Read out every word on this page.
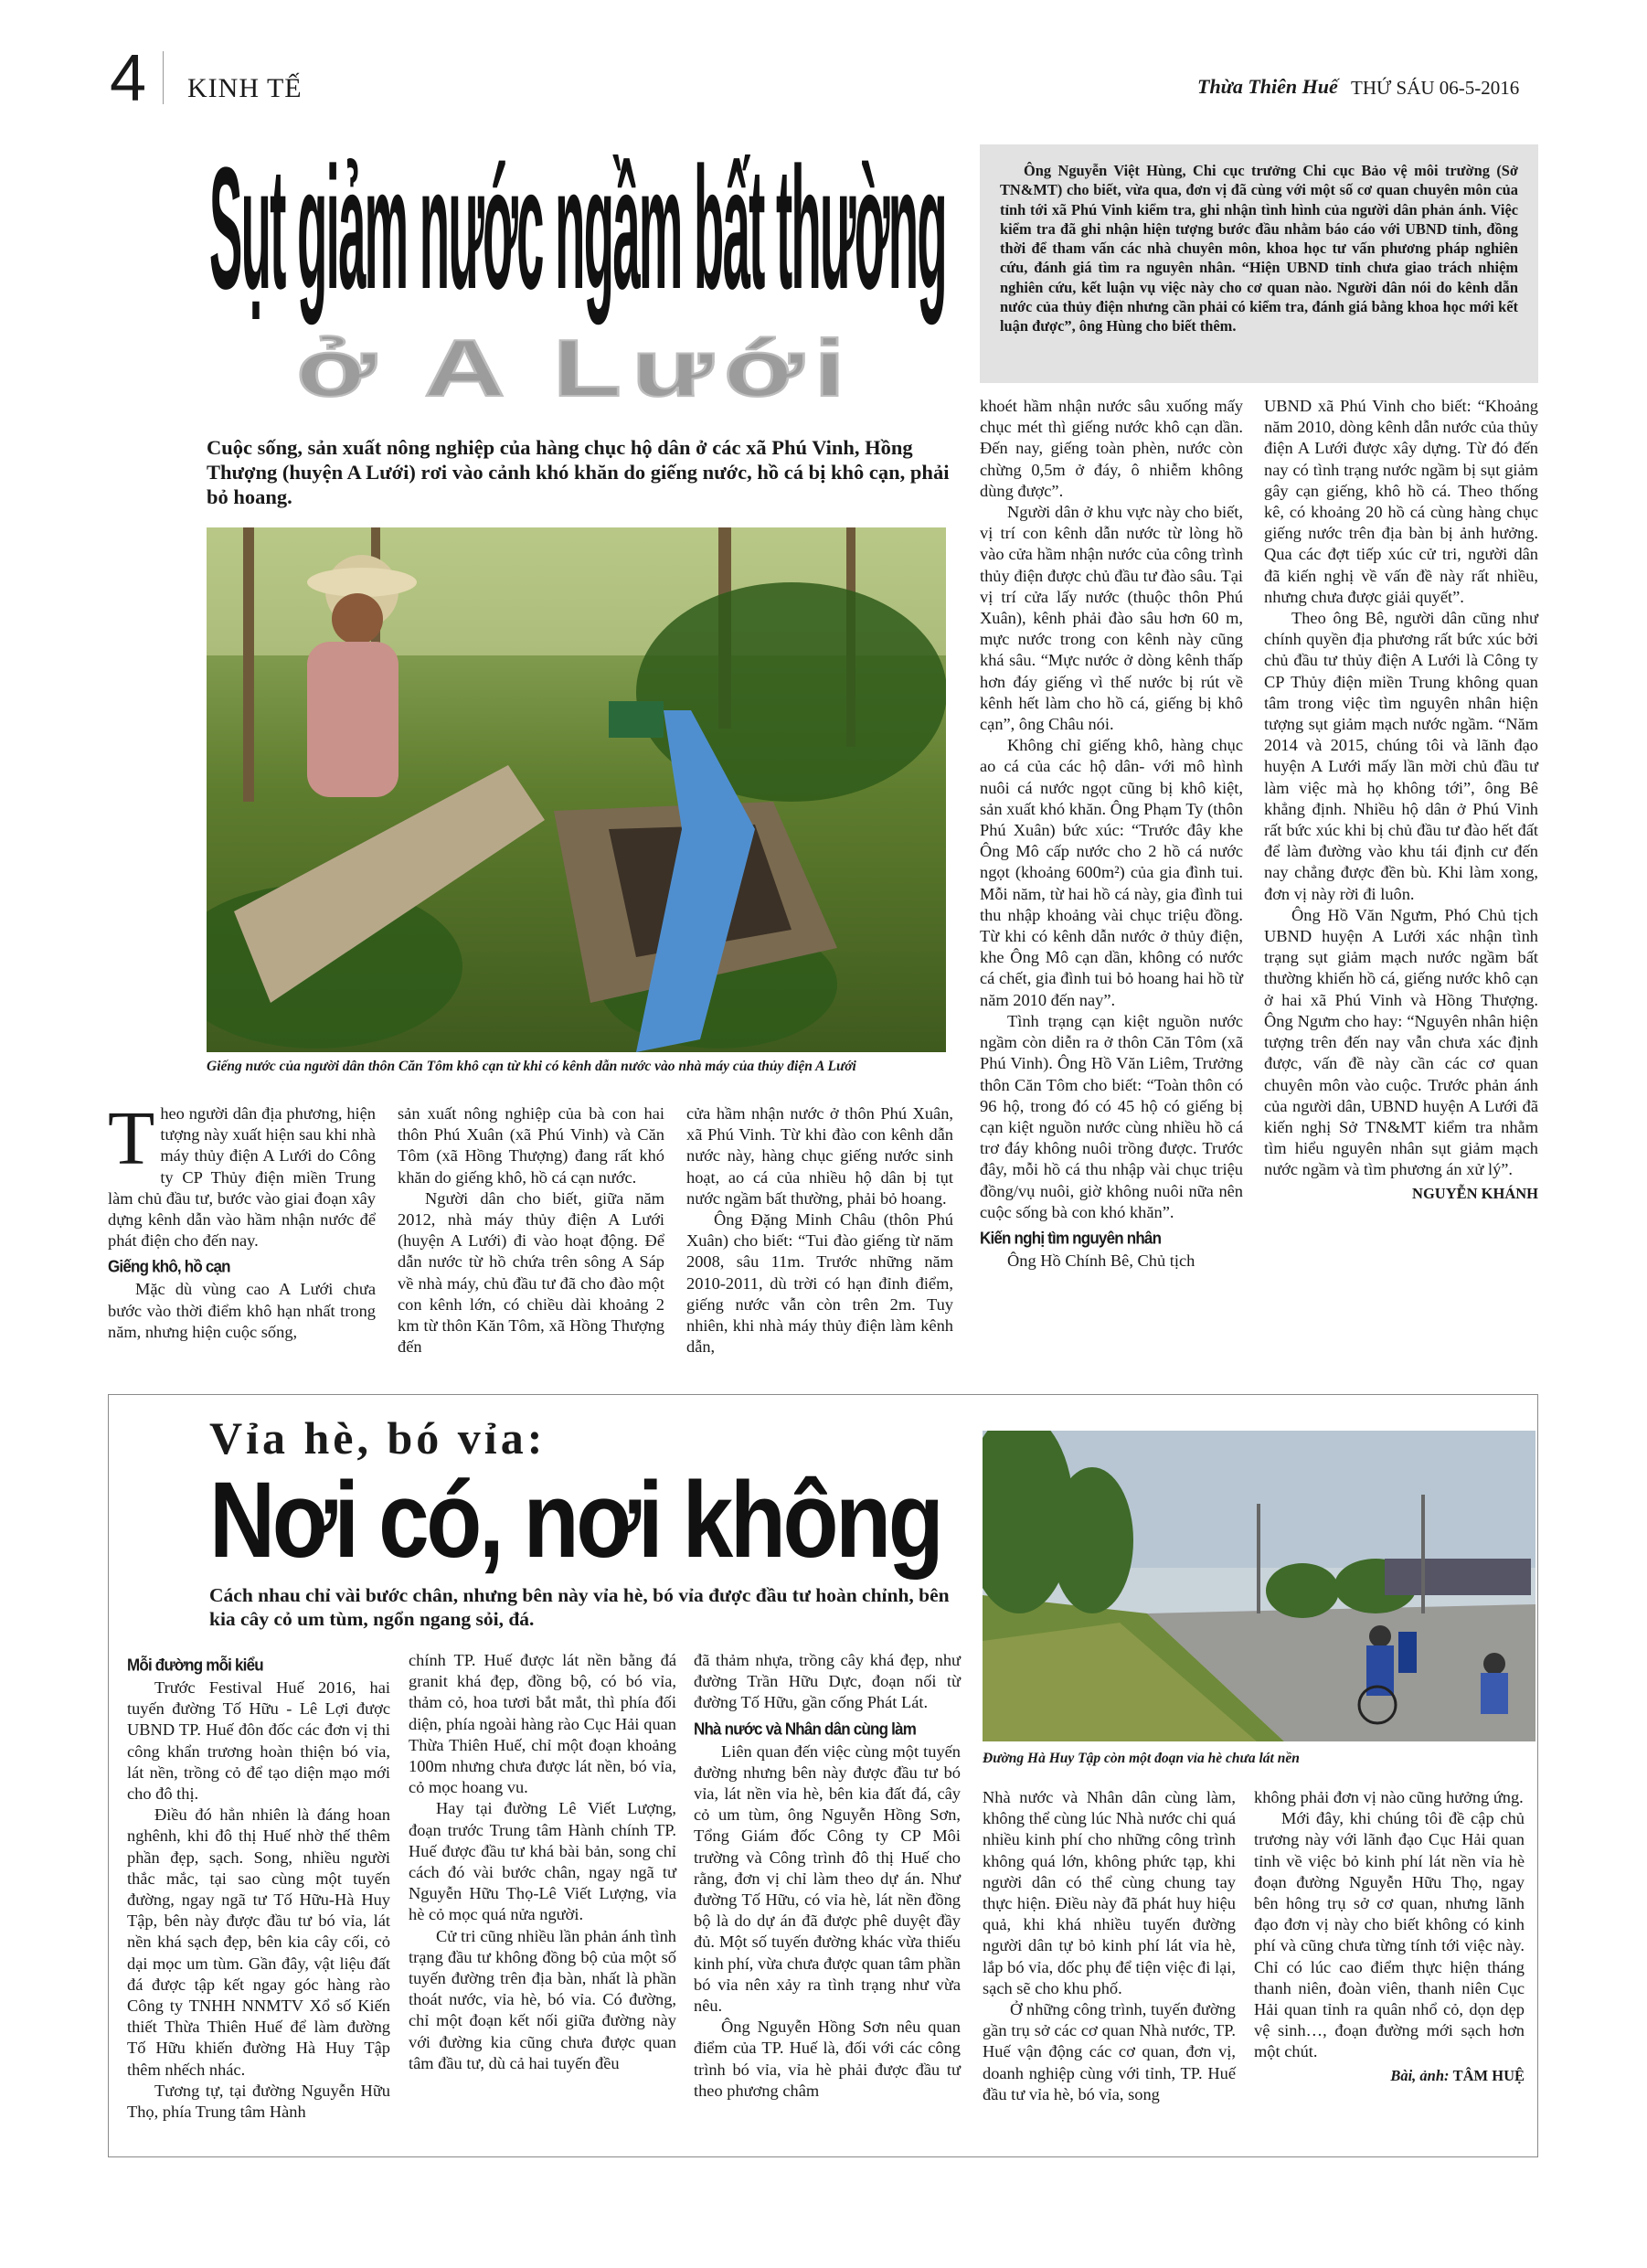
4 KINH TẾ	Thừa Thiên Huế THỨ SÁU 06-5-2016
Sụt giảm nước ngầm bất thường
ở A Lưới

Ông Nguyễn Việt Hùng, Chi cục trưởng Chi cục Bảo vệ môi trường (Sở TN&MT) cho biết, vừa qua, đơn vị đã cùng với một số cơ quan chuyên môn của tỉnh tới xã Phú Vinh kiểm tra, ghi nhận tình hình của người dân phản ánh. Việc kiểm tra đã ghi nhận hiện tượng bước đầu nhằm báo cáo với UBND tỉnh, đồng thời để tham vấn các nhà chuyên môn, khoa học tư vấn phương pháp nghiên cứu, đánh giá tìm ra nguyên nhân. “Hiện UBND tỉnh chưa giao trách nhiệm nghiên cứu, kết luận vụ việc này cho cơ quan nào. Người dân nói do kênh dẫn nước của thủy điện nhưng cần phải có kiểm tra, đánh giá bằng khoa học mới kết luận được”, ông Hùng cho biết thêm.

Cuộc sống, sản xuất nông nghiệp của hàng chục hộ dân ở các xã Phú Vinh, Hồng Thượng (huyện A Lưới) rơi vào cảnh khó khăn do giếng nước, hồ cá bị khô cạn, phải bỏ hoang.
Giếng nước của người dân thôn Căn Tôm khô cạn từ khi có kênh dẫn nước vào nhà máy của thủy điện A Lưới
T heo người dân địa phương, hiện tượng này xuất hiện sau khi nhà máy thủy điện A Lưới do Công ty CP Thủy điện miền Trung làm chủ đầu tư, bước vào giai đoạn xây dựng kênh dẫn vào hầm nhận nước để phát điện cho đến nay.

Giếng khô, hồ cạn

Mặc dù vùng cao A Lưới chưa bước vào thời điểm khô hạn nhất trong năm, nhưng hiện cuộc sống,

sản xuất nông nghiệp của bà con hai thôn Phú Xuân (xã Phú Vinh) và Căn Tôm (xã Hồng Thượng) đang rất khó khăn do giếng khô, hồ cá cạn nước.

Người dân cho biết, giữa năm 2012, nhà máy thủy điện A Lưới (huyện A Lưới) đi vào hoạt động. Để dẫn nước từ hồ chứa trên sông A Sáp về nhà máy, chủ đầu tư đã cho đào một con kênh lớn, có chiều dài khoảng 2 km từ thôn Kăn Tôm, xã Hồng Thượng đến

cửa hầm nhận nước ở thôn Phú Xuân, xã Phú Vinh. Từ khi đào con kênh dẫn nước này, hàng chục giếng nước sinh hoạt, ao cá của nhiều hộ dân bị tụt nước ngầm bất thường, phải bỏ hoang.

Ông Đặng Minh Châu (thôn Phú Xuân) cho biết: “Tui đào giếng từ năm 2008, sâu 11m. Trước những năm 2010-2011, dù trời có hạn đỉnh điểm, giếng nước vẫn còn trên 2m. Tuy nhiên, khi nhà máy thủy điện làm kênh dẫn,

khoét hầm nhận nước sâu xuống mấy chục mét thì giếng nước khô cạn dần. Đến nay, giếng toàn phèn, nước còn chừng 0,5m ở đáy, ô nhiễm không dùng được”.

Người dân ở khu vực này cho biết, vị trí con kênh dẫn nước từ lòng hồ vào cửa hầm nhận nước của công trình thủy điện được chủ đầu tư đào sâu. Tại vị trí cửa lấy nước (thuộc thôn Phú Xuân), kênh phải đào sâu hơn 60 m, mực nước trong con kênh này cũng khá sâu. “Mực nước ở dòng kênh thấp hơn đáy giếng vì thế nước bị rút về kênh hết làm cho hồ cá, giếng bị khô cạn”, ông Châu nói.

Không chỉ giếng khô, hàng chục ao cá của các hộ dân- với mô hình nuôi cá nước ngọt cũng bị khô kiệt, sản xuất khó khăn. Ông Phạm Ty (thôn Phú Xuân) bức xúc: “Trước đây khe Ông Mô cấp nước cho 2 hồ cá nước ngọt (khoảng 600m²) của gia đình tui. Mỗi năm, từ hai hồ cá này, gia đình tui thu nhập khoảng vài chục triệu đồng. Từ khi có kênh dẫn nước ở thủy điện, khe Ông Mô cạn dần, không có nước cá chết, gia đình tui bỏ hoang hai hồ từ năm 2010 đến nay”.

Tình trạng cạn kiệt nguồn nước ngầm còn diễn ra ở thôn Căn Tôm (xã Phú Vinh). Ông Hồ Văn Liêm, Trưởng thôn Căn Tôm cho biết: “Toàn thôn có 96 hộ, trong đó có 45 hộ có giếng bị cạn kiệt nguồn nước cùng nhiều hồ cá trơ đáy không nuôi trồng được. Trước đây, mỗi hồ cá thu nhập vài chục triệu đồng/vụ nuôi, giờ không nuôi nữa nên cuộc sống bà con khó khăn”.

Kiến nghị tìm nguyên nhân

Ông Hồ Chính Bê, Chủ tịch

UBND xã Phú Vinh cho biết: “Khoảng năm 2010, dòng kênh dẫn nước của thủy điện A Lưới được xây dựng. Từ đó đến nay có tình trạng nước ngầm bị sụt giảm gây cạn giếng, khô hồ cá. Theo thống kê, có khoảng 20 hồ cá cùng hàng chục giếng nước trên địa bàn bị ảnh hưởng. Qua các đợt tiếp xúc cử tri, người dân đã kiến nghị về vấn đề này rất nhiều, nhưng chưa được giải quyết”.

Theo ông Bê, người dân cũng như chính quyền địa phương rất bức xúc bởi chủ đầu tư thủy điện A Lưới là Công ty CP Thủy điện miền Trung không quan tâm trong việc tìm nguyên nhân hiện tượng sụt giảm mạch nước ngầm. “Năm 2014 và 2015, chúng tôi và lãnh đạo huyện A Lưới mấy lần mời chủ đầu tư làm việc mà họ không tới”, ông Bê khẳng định. Nhiều hộ dân ở Phú Vinh rất bức xúc khi bị chủ đầu tư đào hết đất để làm đường vào khu tái định cư đến nay chẳng được đền bù. Khi làm xong, đơn vị này rời đi luôn.

Ông Hồ Văn Ngưm, Phó Chủ tịch UBND huyện A Lưới xác nhận tình trạng sụt giảm mạch nước ngầm bất thường khiến hồ cá, giếng nước khô cạn ở hai xã Phú Vinh và Hồng Thượng. Ông Ngưm cho hay: “Nguyên nhân hiện tượng trên đến nay vẫn chưa xác định được, vấn đề này cần các cơ quan chuyên môn vào cuộc. Trước phản ánh của người dân, UBND huyện A Lưới đã kiến nghị Sở TN&MT kiểm tra nhằm tìm hiểu nguyên nhân sụt giảm mạch nước ngầm và tìm phương án xử lý”.

NGUYỄN KHÁNH
Vỉa hè, bó vỉa:
Nơi có, nơi không
Cách nhau chỉ vài bước chân, nhưng bên này vỉa hè, bó vỉa được đầu tư hoàn chỉnh, bên kia cây cỏ um tùm, ngổn ngang sỏi, đá.
Đường Hà Huy Tập còn một đoạn vỉa hè chưa lát nền
Mỗi đường mỗi kiểu

Trước Festival Huế 2016, hai tuyến đường Tố Hữu - Lê Lợi được UBND TP. Huế đôn đốc các đơn vị thi công khẩn trương hoàn thiện bó vỉa, lát nền, trồng cỏ để tạo diện mạo mới cho đô thị.

Điều đó hẳn nhiên là đáng hoan nghênh, khi đô thị Huế nhờ thế thêm phần đẹp, sạch. Song, nhiều người thắc mắc, tại sao cùng một tuyến đường, ngay ngã tư Tố Hữu-Hà Huy Tập, bên này được đầu tư bó vỉa, lát nền khá sạch đẹp, bên kia cây cối, cỏ dại mọc um tùm. Gần đây, vật liệu đất đá được tập kết ngay góc hàng rào Công ty TNHH NNMTV Xổ số Kiến thiết Thừa Thiên Huế để làm đường Tố Hữu khiến đường Hà Huy Tập thêm nhếch nhác.

Tương tự, tại đường Nguyễn Hữu Thọ, phía Trung tâm Hành

chính TP. Huế được lát nền bằng đá granit khá đẹp, đồng bộ, có bó vỉa, thảm cỏ, hoa tươi bắt mắt, thì phía đối diện, phía ngoài hàng rào Cục Hải quan Thừa Thiên Huế, chỉ một đoạn khoảng 100m nhưng chưa được lát nền, bó vỉa, cỏ mọc hoang vu.

Hay tại đường Lê Viết Lượng, đoạn trước Trung tâm Hành chính TP. Huế được đầu tư khá bài bản, song chỉ cách đó vài bước chân, ngay ngã tư Nguyễn Hữu Thọ-Lê Viết Lượng, vỉa hè cỏ mọc quá nửa người.

Cử tri cũng nhiều lần phản ánh tình trạng đầu tư không đồng bộ của một số tuyến đường trên địa bàn, nhất là phần thoát nước, vỉa hè, bó vỉa. Có đường, chỉ một đoạn kết nối giữa đường này với đường kia cũng chưa được quan tâm đầu tư, dù cả hai tuyến đều

đã thảm nhựa, trồng cây khá đẹp, như đường Trần Hữu Dực, đoạn nối từ đường Tố Hữu, gần cống Phát Lát.

Nhà nước và Nhân dân cùng làm

Liên quan đến việc cùng một tuyến đường nhưng bên này được đầu tư bó vỉa, lát nền vỉa hè, bên kia đất đá, cây cỏ um tùm, ông Nguyễn Hồng Sơn, Tổng Giám đốc Công ty CP Môi trường và Công trình đô thị Huế cho rằng, đơn vị chỉ làm theo dự án. Như đường Tố Hữu, có vỉa hè, lát nền đồng bộ là do dự án đã được phê duyệt đầy đủ. Một số tuyến đường khác vừa thiếu kinh phí, vừa chưa được quan tâm phần bó vỉa nên xảy ra tình trạng như vừa nêu.

Ông Nguyễn Hồng Sơn nêu quan điểm của TP. Huế là, đối với các công trình bó vỉa, vỉa hè phải được đầu tư theo phương châm

Nhà nước và Nhân dân cùng làm, không thể cùng lúc Nhà nước chi quá nhiều kinh phí cho những công trình không quá lớn, không phức tạp, khi người dân có thể cùng chung tay thực hiện. Điều này đã phát huy hiệu quả, khi khá nhiều tuyến đường người dân tự bỏ kinh phí lát vỉa hè, lắp bó vỉa, dốc phụ để tiện việc đi lại, sạch sẽ cho khu phố.

Ở những công trình, tuyến đường gần trụ sở các cơ quan Nhà nước, TP. Huế vận động các cơ quan, đơn vị, doanh nghiệp cùng với tỉnh, TP. Huế đầu tư vỉa hè, bó vỉa, song

không phải đơn vị nào cũng hưởng ứng.

Mới đây, khi chúng tôi đề cập chủ trương này với lãnh đạo Cục Hải quan tỉnh về việc bỏ kinh phí lát nền vỉa hè đoạn đường Nguyễn Hữu Thọ, ngay bên hông trụ sở cơ quan, nhưng lãnh đạo đơn vị này cho biết không có kinh phí và cũng chưa từng tính tới việc này. Chỉ có lúc cao điểm thực hiện tháng thanh niên, đoàn viên, thanh niên Cục Hải quan tỉnh ra quân nhổ cỏ, dọn dẹp vệ sinh…, đoạn đường mới sạch hơn một chút.

Bài, ảnh: TÂM HUỆ
